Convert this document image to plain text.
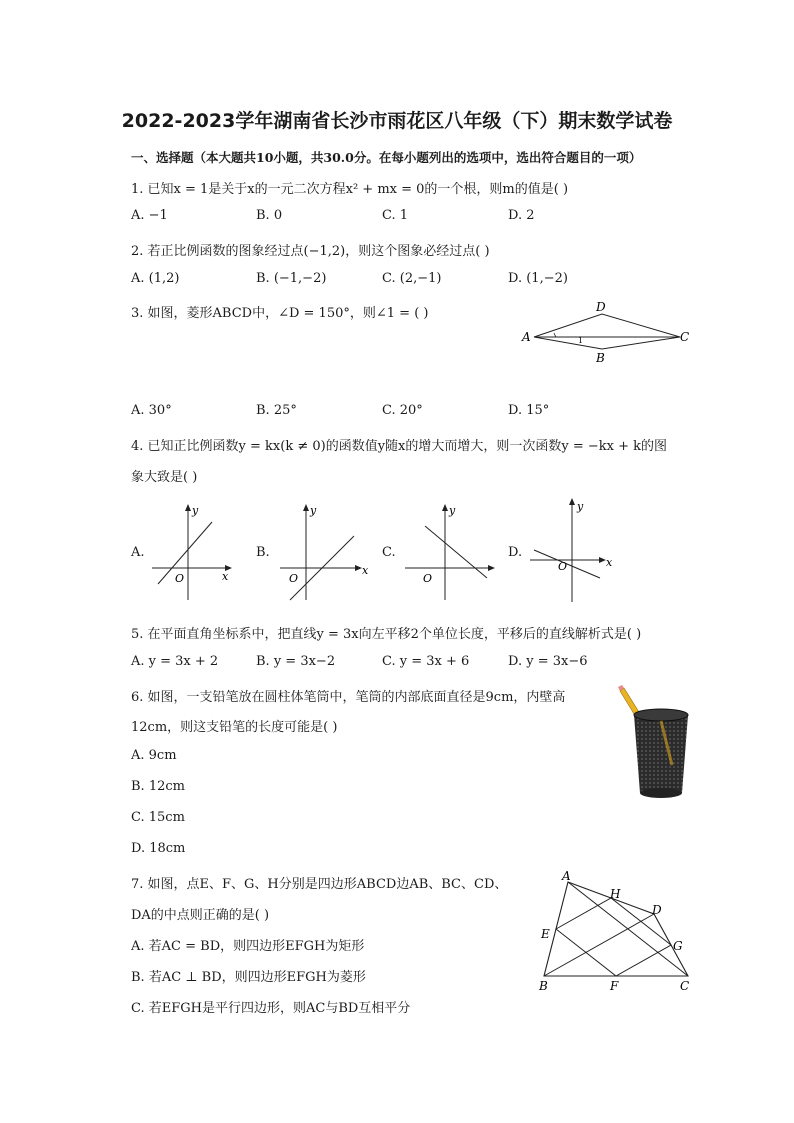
2022-2023学年湖南省长沙市雨花区八年级（下）期末数学试卷
一、选择题（本大题共10小题，共30.0分。在每小题列出的选项中，选出符合题目的一项）
1. 已知x = 1是关于x的一元二次方程x² + mx = 0的一个根，则m的值是( )
A. −1	B. 0	C. 1	D. 2
2. 若正比例函数的图象经过点(−1,2)，则这个图象必经过点( )
A. (1,2)	B. (−1,−2)	C. (2,−1)	D. (1,−2)
3. 如图，菱形ABCD中，∠D = 150°，则∠1 = ( )
A
D
C
B
1
A. 30°	B. 25°	C. 20°	D. 15°
4. 已知正比例函数y = kx(k ≠ 0)的函数值y随x的增大而增大，则一次函数y = −kx + k的图
象大致是( )
A.
y
x
O
B.
y
x
O
C.
y
O
D.
y
x
O
5. 在平面直角坐标系中，把直线y = 3x向左平移2个单位长度，平移后的直线解析式是( )
A. y = 3x + 2	B. y = 3x−2	C. y = 3x + 6	D. y = 3x−6
6. 如图，一支铅笔放在圆柱体笔筒中，笔筒的内部底面直径是9cm，内壁高
12cm，则这支铅笔的长度可能是( )
A. 9cm
B. 12cm
C. 15cm
D. 18cm
7. 如图，点E、F、G、H分别是四边形ABCD边AB、BC、CD、
DA的中点则正确的是( )
A. 若AC = BD，则四边形EFGH为矩形
B. 若AC ⊥ BD，则四边形EFGH为菱形
C. 若EFGH是平行四边形，则AC与BD互相平分
A
H
D
E
G
B	F	C
